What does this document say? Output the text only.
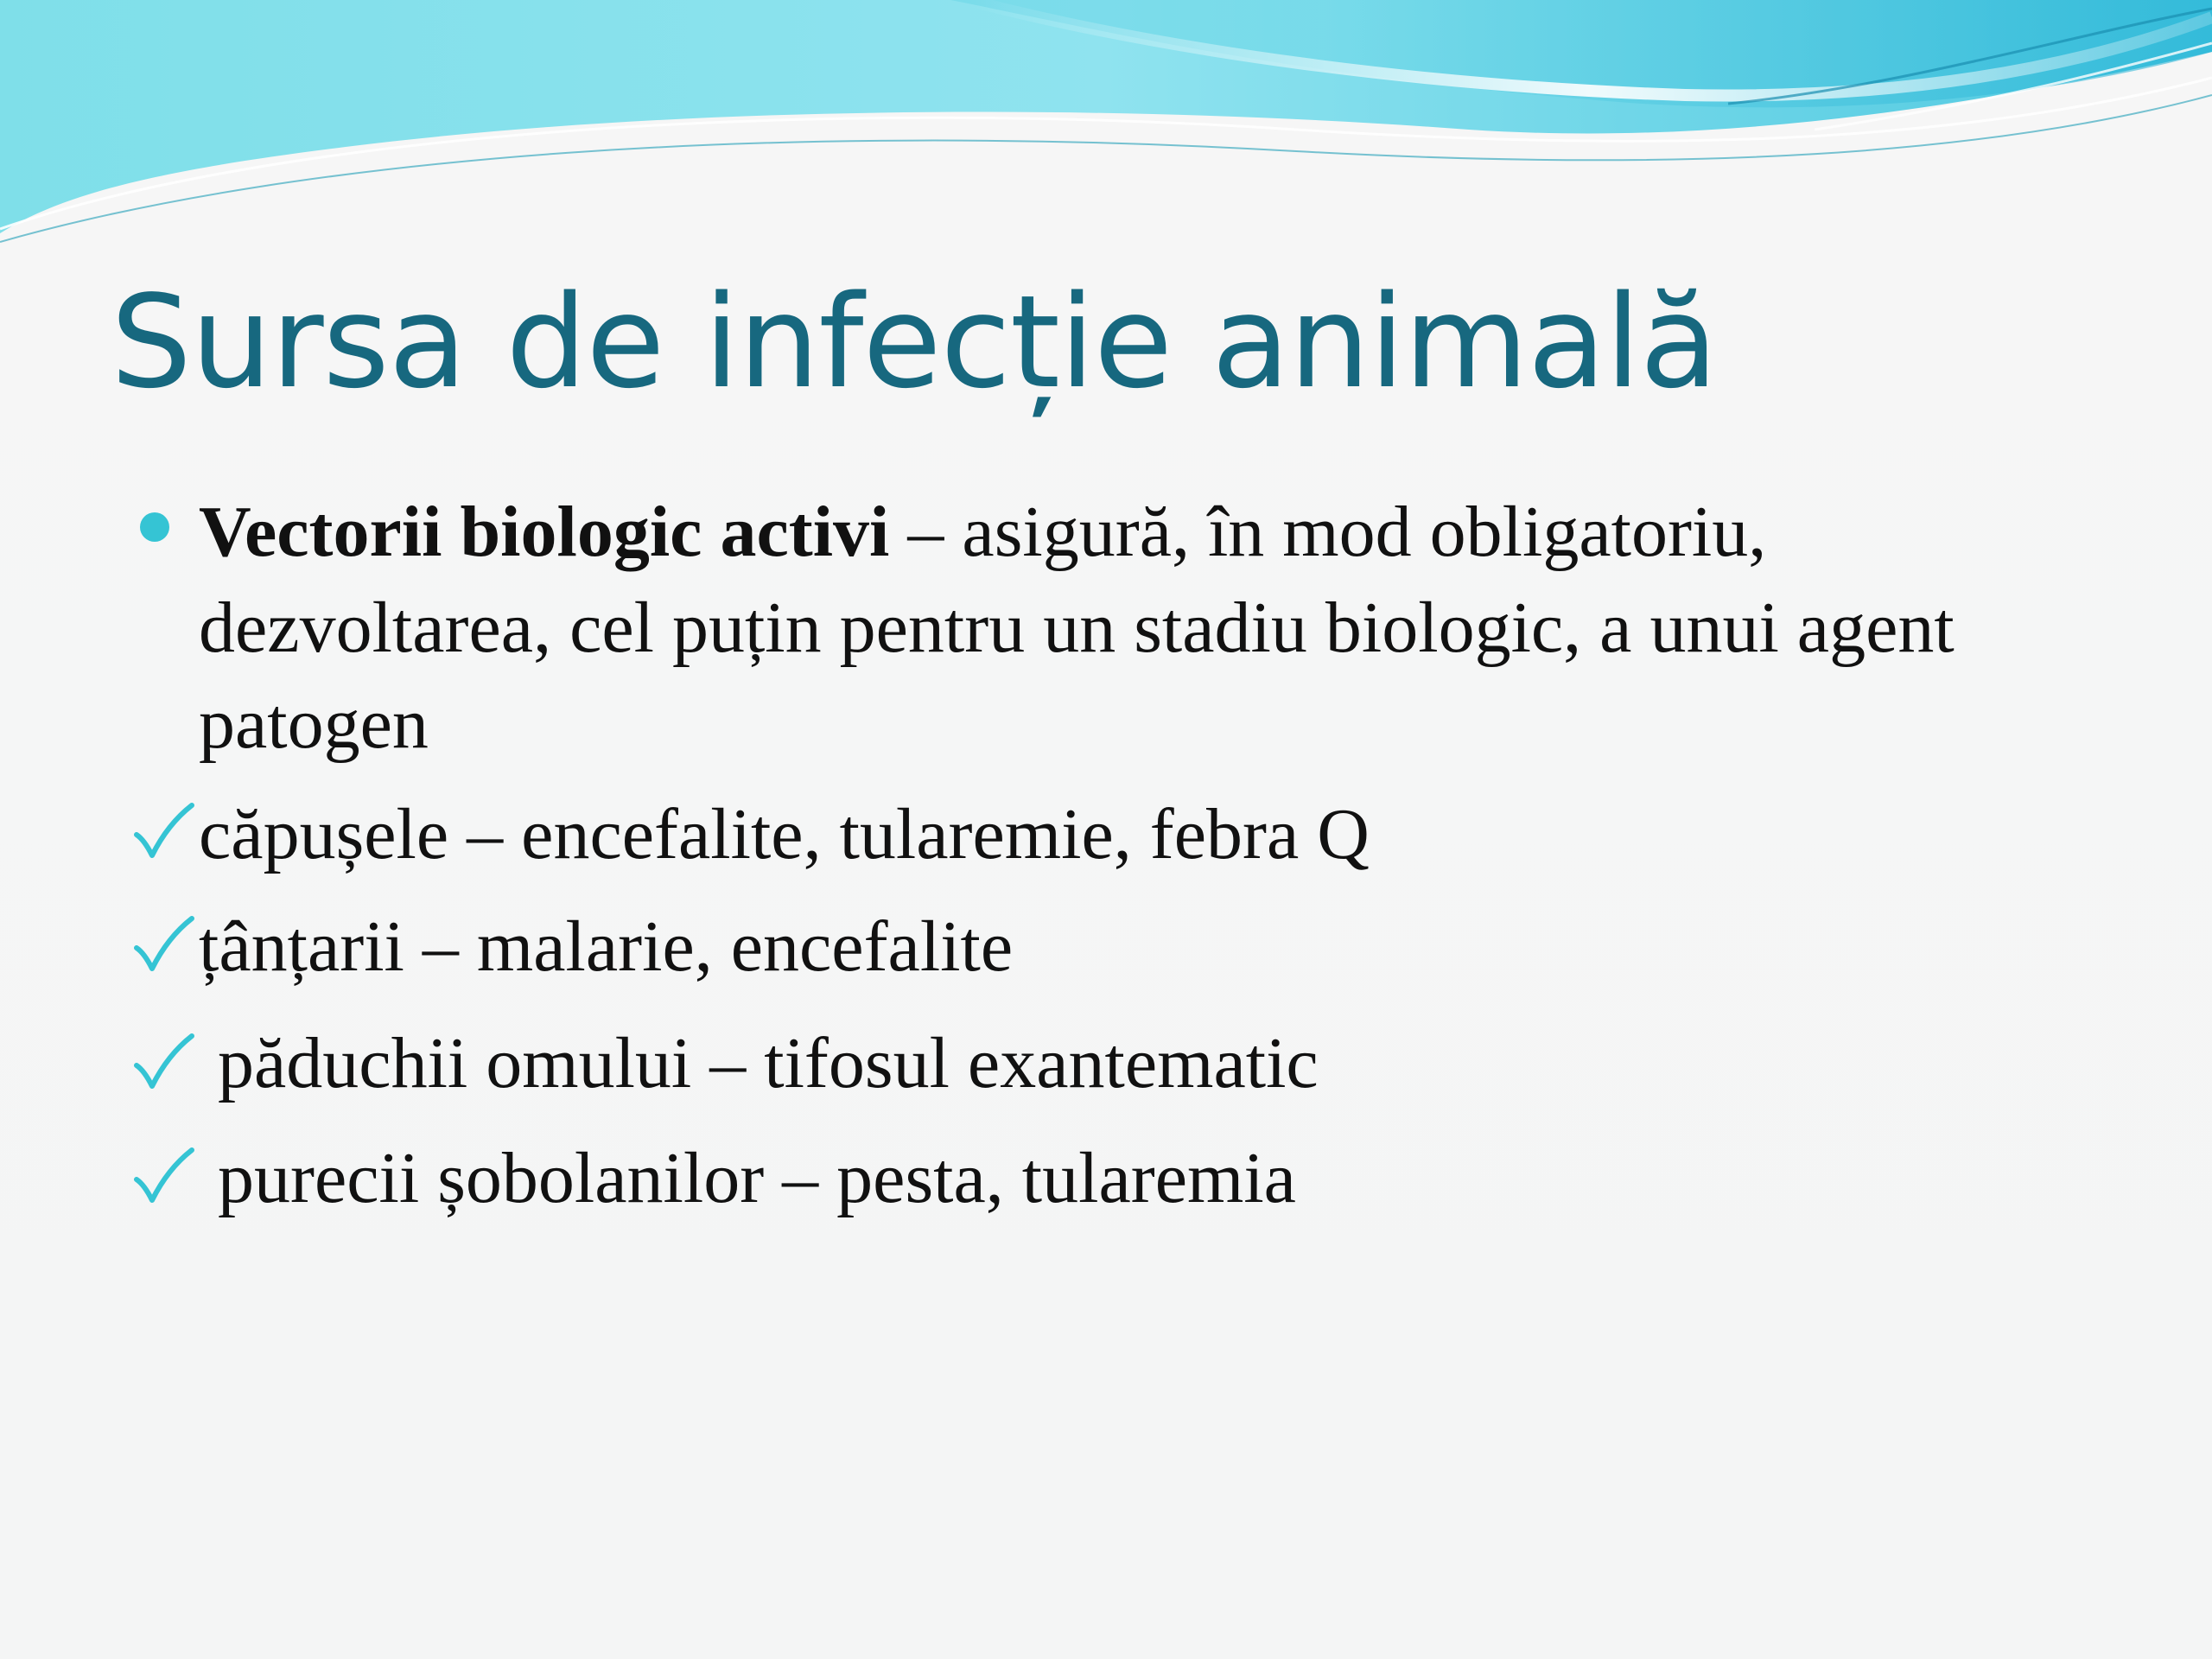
Sursa de infecție animală
Vectorii biologic activi – asigură, în mod obligatoriu, dezvoltarea, cel puțin pentru un stadiu biologic, a unui agent patogen
căpușele – encefalite, tularemie, febra Q
țânțarii – malarie, encefalite
păduchii omului – tifosul exantematic
purecii șobolanilor – pesta, tularemia
